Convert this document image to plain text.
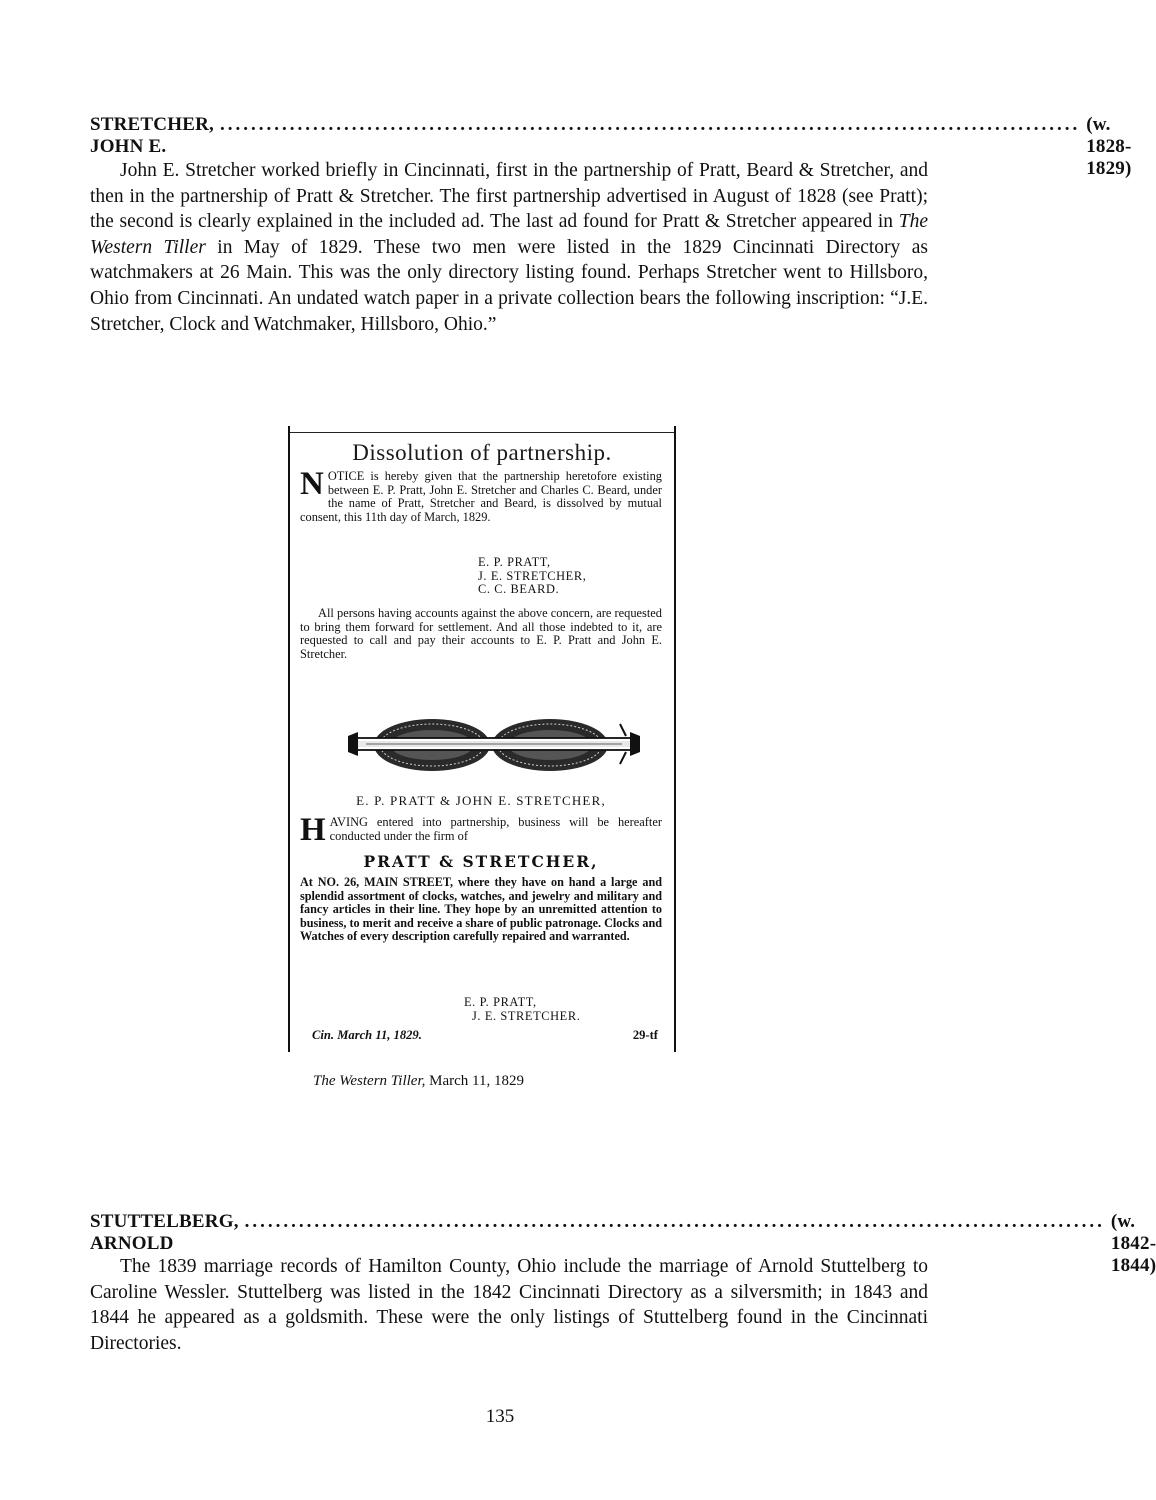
STRETCHER, JOHN E.
............................................................................................................... (w. 1828-1829)

John E. Stretcher worked briefly in Cincinnati, first in the partnership of Pratt, Beard & Stretcher, and then in the partnership of Pratt & Stretcher. The first partnership advertised in August of 1828 (see Pratt); the second is clearly explained in the included ad. The last ad found for Pratt & Stretcher appeared in The Western Tiller in May of 1829. These two men were listed in the 1829 Cincinnati Directory as watchmakers at 26 Main. This was the only directory listing found. Perhaps Stretcher went to Hillsboro, Ohio from Cincinnati. An undated watch paper in a private collection bears the following inscription: “J.E. Stretcher, Clock and Watchmaker, Hillsboro, Ohio.”

Dissolution of partnership.

NOTICE is hereby given that the partnership heretofore existing between E. P. Pratt, John E. Stretcher and Charles C. Beard, under the name of Pratt, Stretcher and Beard, is dissolved by mutual consent, this 11th day of March, 1829.

E. P. PRATT,
J. E. STRETCHER,
C. C. BEARD.

All persons having accounts against the above concern, are requested to bring them forward for settlement. And all those indebted to it, are requested to call and pay their accounts to E. P. Pratt and John E. Stretcher.

E. P. PRATT & JOHN E. STRETCHER,

HAVING entered into partnership, business will be hereafter conducted under the firm of

PRATT & STRETCHER,

At NO. 26, MAIN STREET, where they have on hand a large and splendid assortment of clocks, watches, and jewelry and military and fancy articles in their line. They hope by an unremitted attention to business, to merit and receive a share of public patronage. Clocks and Watches of every description carefully repaired and warranted.

E. P. PRATT,
J. E. STRETCHER.
Cin. March 11, 1829.	29-tf
The Western Tiller, March 11, 1829
STUTTELBERG, ARNOLD
............................................................................................................... (w. 1842-1844)

The 1839 marriage records of Hamilton County, Ohio include the marriage of Arnold Stuttelberg to Caroline Wessler. Stuttelberg was listed in the 1842 Cincinnati Directory as a silversmith; in 1843 and 1844 he appeared as a goldsmith. These were the only listings of Stuttelberg found in the Cincinnati Directories.

135
